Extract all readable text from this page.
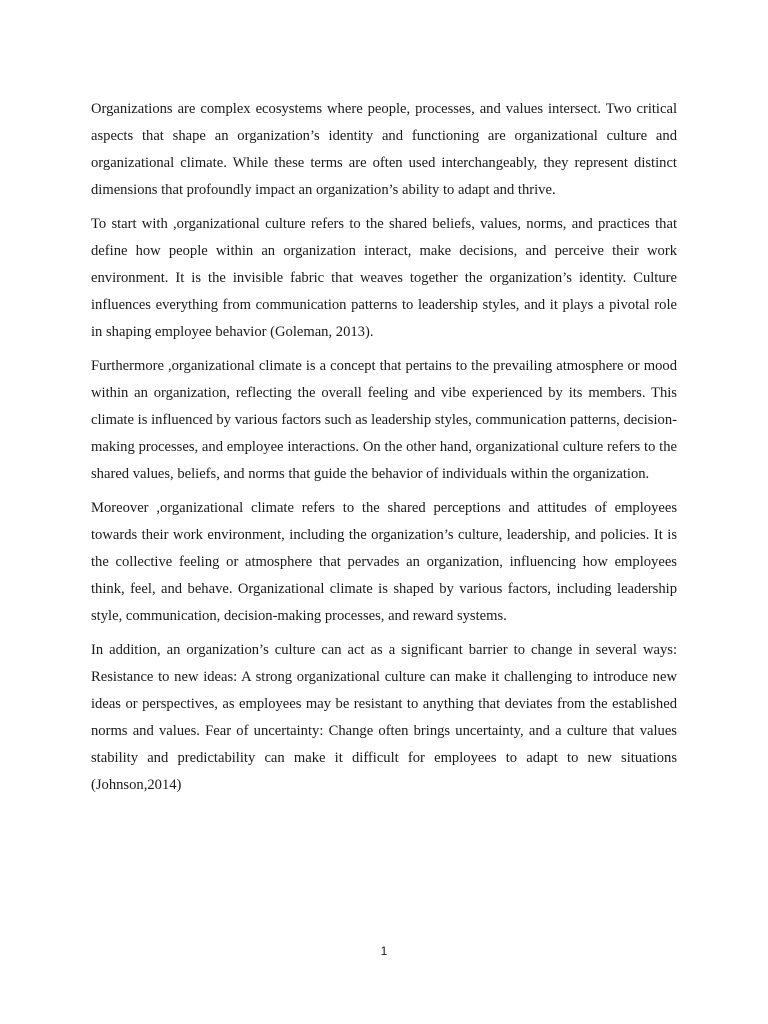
Organizations are complex ecosystems where people, processes, and values intersect. Two critical aspects that shape an organization’s identity and functioning are organizational culture and organizational climate. While these terms are often used interchangeably, they represent distinct dimensions that profoundly impact an organization’s ability to adapt and thrive.

To start with ,organizational culture refers to the shared beliefs, values, norms, and practices that define how people within an organization interact, make decisions, and perceive their work environment. It is the invisible fabric that weaves together the organization’s identity. Culture influences everything from communication patterns to leadership styles, and it plays a pivotal role in shaping employee behavior (Goleman, 2013).

Furthermore ,organizational climate is a concept that pertains to the prevailing atmosphere or mood within an organization, reflecting the overall feeling and vibe experienced by its members. This climate is influenced by various factors such as leadership styles, communication patterns, decision-making processes, and employee interactions. On the other hand, organizational culture refers to the shared values, beliefs, and norms that guide the behavior of individuals within the organization.

Moreover ,organizational climate refers to the shared perceptions and attitudes of employees towards their work environment, including the organization’s culture, leadership, and policies. It is the collective feeling or atmosphere that pervades an organization, influencing how employees think, feel, and behave. Organizational climate is shaped by various factors, including leadership style, communication, decision-making processes, and reward systems.

In addition, an organization’s culture can act as a significant barrier to change in several ways: Resistance to new ideas: A strong organizational culture can make it challenging to introduce new ideas or perspectives, as employees may be resistant to anything that deviates from the established norms and values. Fear of uncertainty: Change often brings uncertainty, and a culture that values stability and predictability can make it difficult for employees to adapt to new situations (Johnson,2014)

1
